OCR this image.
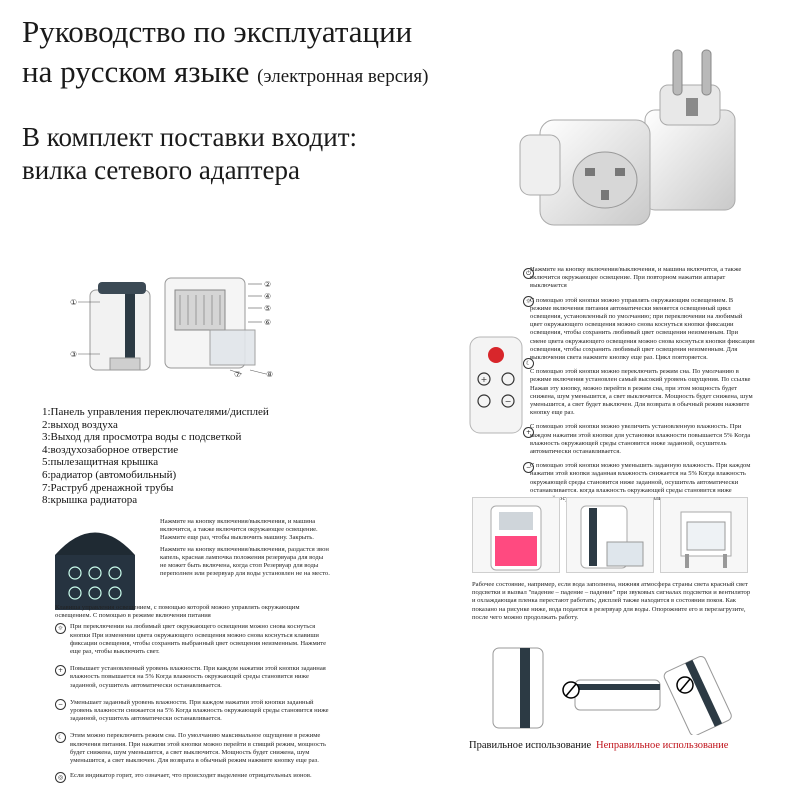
Руководство по эксплуатации
на русском языке (электронная версия)
В комплект поставки входит:
вилка сетевого адаптера
①
③
②
④
⑤
⑥
⑦	⑧
1:Панель управления переключателями/дисплей
2:выход воздуха
3:Выход для просмотра воды с подсветкой
4:воздухозаборное отверстие
5:пылезащитная крышка
6:радиатор (автомобильный)
7:Раструб дренажной трубы
8:крышка радиатора
+
−

Нажмите на кнопку включения/выключения, и машина включится, а также включится окружающее освещение. При повторном нажатии аппарат выключается

С помощью этой кнопки можно управлять окружающим освещением. В режиме включения питания автоматически меняется освещенный цикл освещения, установленный по умолчанию; при переключении на любимый цвет окружающего освещения можно снова коснуться кнопки фиксации освещения, чтобы сохранить любимый цвет освещения неизменным. При смене цвета окружающего освещения можно снова коснуться кнопки фиксации освещения, чтобы сохранить любимый цвет освещения неизменным. Для выключения света нажмите кнопку еще раз. Цикл повторяется.

С помощью этой кнопки можно переключить режим сна. По умолчанию в режиме включения установлен самый высокий уровень ощущения. По ссылке Нажав эту кнопку, можно перейти в режим сна, при этом мощность будет снижена, шум уменьшится, а свет выключится. Мощность будет снижена, шум уменьшится, а свет будет выключен. Для возврата в обычный режим нажмите кнопку еще раз.

С помощью этой кнопки можно увеличить установленную влажность. При каждом нажатии этой кнопки для установки влажности повышается 5% Когда влажность окружающей среды становится ниже заданной, осушитель автоматически останавливается.

С помощью этой кнопки можно уменьшить заданную влажность. При каждом нажатии этой кнопки заданная влажность снижается на 5% Когда влажность окружающей среды становится ниже заданной, осушитель автоматически останавливается. когда влажность окружающей среды становится ниже останавливается.

⏻
☼
☾
+
−

Нажмите на кнопку включения/выключения, и машина включится, а также включится окружающее освещение. Нажмите еще раз, чтобы выключить машину. Закрыть.

Нажмите на кнопку включения/выключения, раздастся звон капель, красная лампочка положения резервуара для воды не может быть включена, когда стоп Резервуар для воды переполнен или резервуар для воды установлен не на место.

Клавиша управления освещением, с помощью которой можно управлять окружающим освещением. С помощью в режиме включения питания

☼	При переключении на любимый цвет окружающего освещения можно снова коснуться кнопки При изменении цвета окружающего освещения можно снова коснуться клавиши фиксации освещения, чтобы сохранить выбранный цвет освещения неизменным. Нажмите еще раз, чтобы выключить свет.

+	Повышает установленный уровень влажности. При каждом нажатии этой кнопки заданная влажность повышается на 5% Когда влажность окружающей среды становится ниже заданной, осушитель автоматически останавливается.

−	Уменьшает заданный уровень влажности. При каждом нажатии этой кнопки заданный уровень влажности снижается на 5% Когда влажность окружающей среды становится ниже заданной, осушитель автоматически останавливается.

☾	Этим можно переключить режим сна. По умолчанию максимальное ощущение в режиме включения питания. При нажатии этой кнопки можно перейти в спящий режим, мощность будет снижена, шум уменьшится, а свет выключится. Мощность будет снижена, шум уменьшится, а свет выключен. Для возврата в обычный режим нажмите кнопку еще раз.

◎	Если индикатор горит, это означает, что происходит выделение отрицательных ионов.

Рабочее состояние, например, если вода заполнена, нижняя атмосфера страны света красный свет подсветки и вызвал "падение – падение – падение" при звуковых сигналах подсветки и вентилятор и охлаждающая пленка перестают работать; дисплей также находится в состоянии покоя. Как показано на рисунке ниже, вода подается в резервуар для воды. Опорожните его и перезагрузите, после чего можно продолжать работу.
Правильное использование Неправильное использование
